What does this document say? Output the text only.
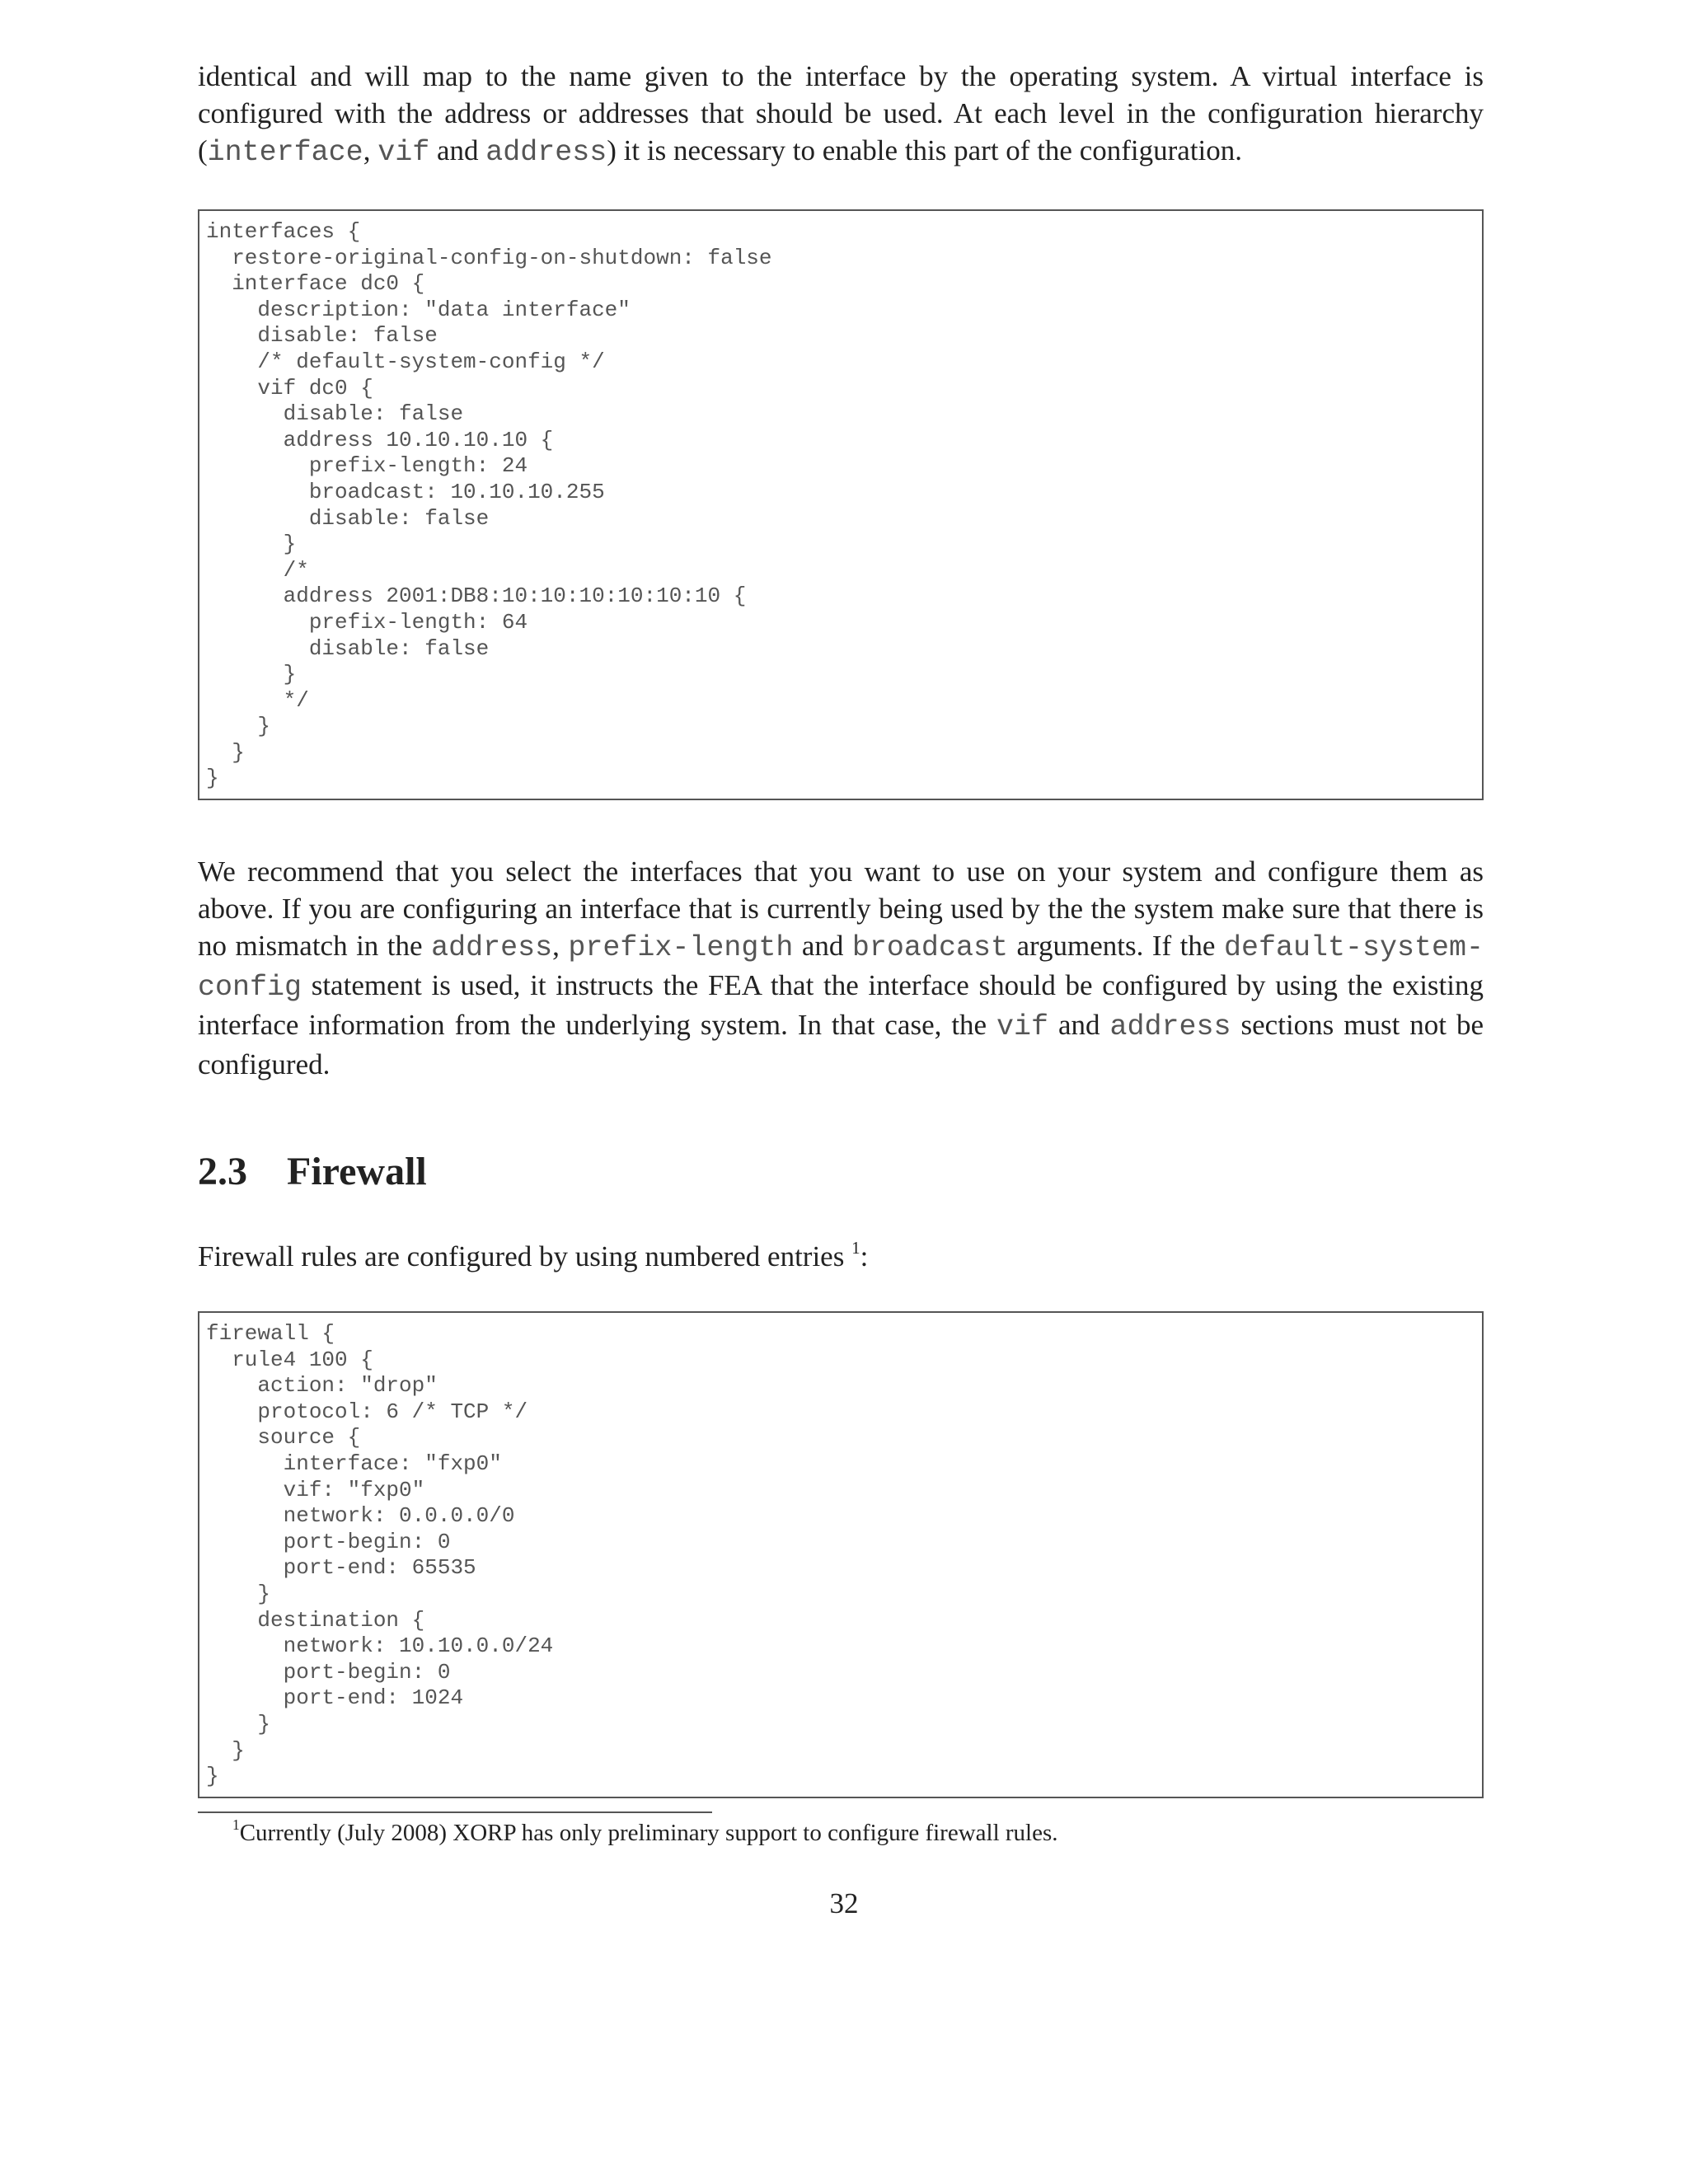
identical and will map to the name given to the interface by the operating system. A virtual interface is configured with the address or addresses that should be used. At each level in the configuration hierarchy (interface, vif and address) it is necessary to enable this part of the configuration.

interfaces {
restore-original-config-on-shutdown: false
interface dc0 {
description: "data interface"
disable: false
/* default-system-config */
vif dc0 {
disable: false
address 10.10.10.10 {
prefix-length: 24
broadcast: 10.10.10.255
disable: false
}
/*
address 2001:DB8:10:10:10:10:10:10 {
prefix-length: 64
disable: false
}
*/
}
}
}

We recommend that you select the interfaces that you want to use on your system and configure them as above. If you are configuring an interface that is currently being used by the the system make sure that there is no mismatch in the address, prefix-length and broadcast arguments. If the default-system-config statement is used, it instructs the FEA that the interface should be configured by using the existing interface information from the underlying system. In that case, the vif and address sections must not be configured.

2.3 Firewall

Firewall rules are configured by using numbered entries $^1$:

firewall {
rule4 100 {
action: "drop"
protocol: 6 /* TCP */
source {
interface: "fxp0"
vif: "fxp0"
network: 0.0.0.0/0
port-begin: 0
port-end: 65535
}
destination {
network: 10.10.0.0/24
port-begin: 0
port-end: 1024
}
}
}

$^1$Currently (July 2008) XORP has only preliminary support to configure firewall rules.

32
